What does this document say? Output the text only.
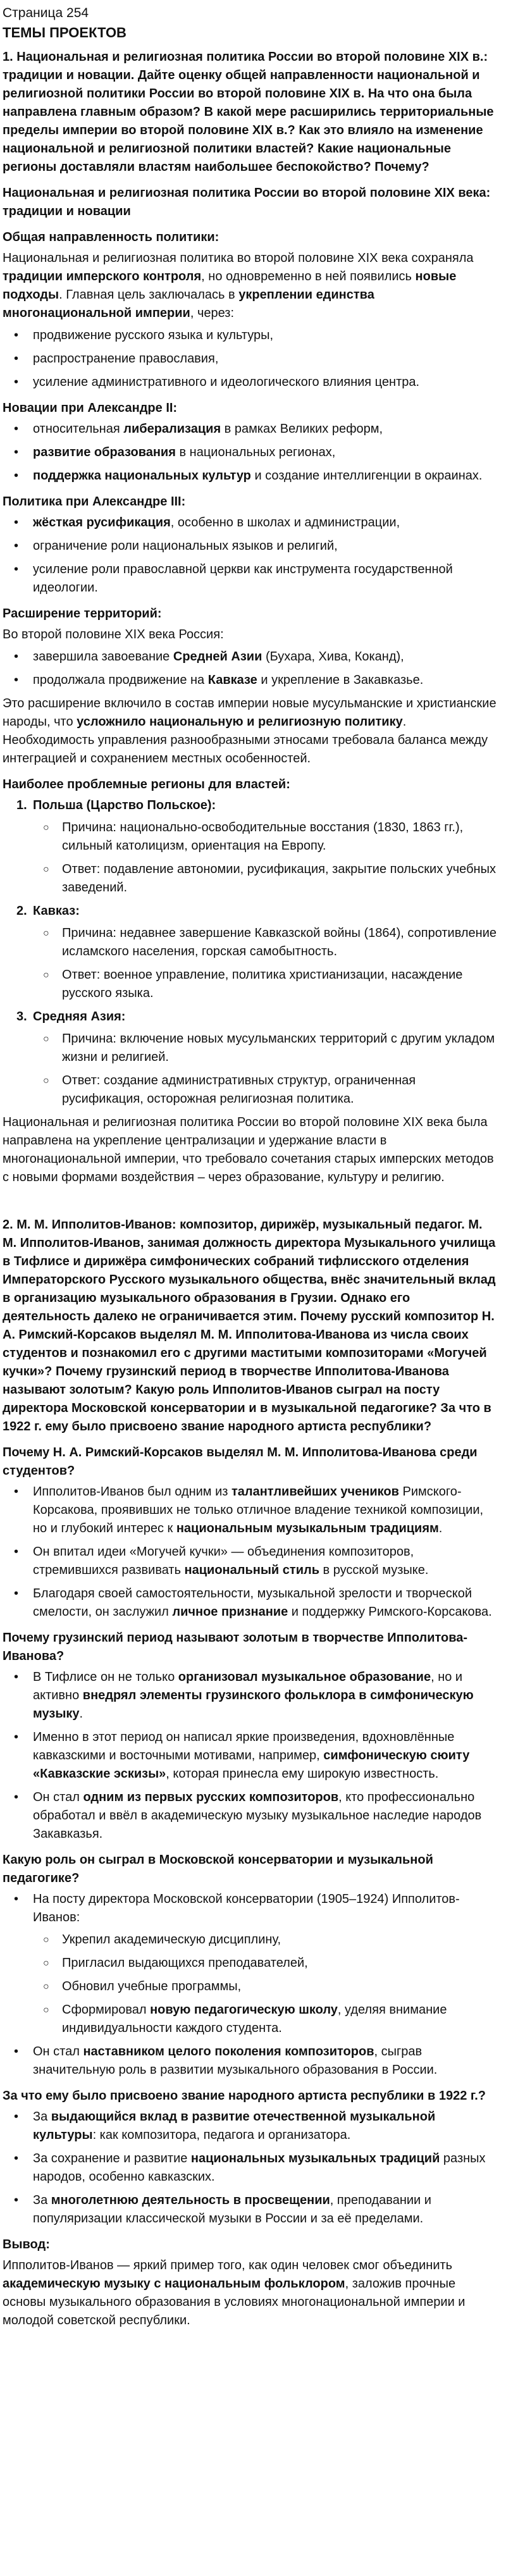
Страница 254
ТЕМЫ ПРОЕКТОВ
1. Национальная и религиозная политика России во второй половине XIX в.: традиции и новации. Дайте оценку общей направленности национальной и религиозной политики России во второй половине XIX в. На что она была направлена главным образом? В какой мере расширились территориальные пределы империи во второй половине XIX в.? Как это влияло на изменение национальной и религиозной политики властей? Какие национальные регионы доставляли властям наибольшее беспокойство? Почему?
Национальная и религиозная политика России во второй половине XIX века: традиции и новации
Общая направленность политики:
Национальная и религиозная политика во второй половине XIX века сохраняла традиции имперского контроля, но одновременно в ней появились новые подходы. Главная цель заключалась в укреплении единства многонациональной империи, через:
• продвижение русского языка и культуры,
• распространение православия,
• усиление административного и идеологического влияния центра.
Новации при Александре II:
• относительная либерализация в рамках Великих реформ,
• развитие образования в национальных регионах,
• поддержка национальных культур и создание интеллигенции в окраинах.
Политика при Александре III:
• жёсткая русификация, особенно в школах и администрации,
• ограничение роли национальных языков и религий,
• усиление роли православной церкви как инструмента государственной идеологии.
Расширение территорий:
Во второй половине XIX века Россия:
• завершила завоевание Средней Азии (Бухара, Хива, Коканд),
• продолжала продвижение на Кавказе и укрепление в Закавказье.
Это расширение включило в состав империи новые мусульманские и христианские народы, что усложнило национальную и религиозную политику. Необходимость управления разнообразными этносами требовала баланса между интеграцией и сохранением местных особенностей.
Наиболее проблемные регионы для властей:
1. Польша (Царство Польское):
○ Причина: национально-освободительные восстания (1830, 1863 гг.), сильный католицизм, ориентация на Европу.
○ Ответ: подавление автономии, русификация, закрытие польских учебных заведений.
2. Кавказ:
○ Причина: недавнее завершение Кавказской войны (1864), сопротивление исламского населения, горская самобытность.
○ Ответ: военное управление, политика христианизации, насаждение русского языка.
3. Средняя Азия:
○ Причина: включение новых мусульманских территорий с другим укладом жизни и религией.
○ Ответ: создание административных структур, ограниченная русификация, осторожная религиозная политика.
Национальная и религиозная политика России во второй половине XIX века была направлена на укрепление централизации и удержание власти в многонациональной империи, что требовало сочетания старых имперских методов с новыми формами воздействия – через образование, культуру и религию.
2. М. М. Ипполитов-Иванов: композитор, дирижёр, музыкальный педагог. М. М. Ипполитов-Иванов, занимая должность директора Музыкального училища в Тифлисе и дирижёра симфонических собраний тифлисского отделения Императорского Русского музыкального общества, внёс значительный вклад в организацию музыкального образования в Грузии. Однако его деятельность далеко не ограничивается этим. Почему русский композитор Н. А. Римский-Корсаков выделял М. М. Ипполитова-Иванова из числа своих студентов и познакомил его с другими маститыми композиторами «Могучей кучки»? Почему грузинский период в творчестве Ипполитова-Иванова называют золотым? Какую роль Ипполитов-Иванов сыграл на посту директора Московской консерватории и в музыкальной педагогике? За что в 1922 г. ему было присвоено звание народного артиста республики?
Почему Н. А. Римский-Корсаков выделял М. М. Ипполитова-Иванова среди студентов?
• Ипполитов-Иванов был одним из талантливейших учеников Римского-Корсакова, проявивших не только отличное владение техникой композиции, но и глубокий интерес к национальным музыкальным традициям.
• Он впитал идеи «Могучей кучки» — объединения композиторов, стремившихся развивать национальный стиль в русской музыке.
• Благодаря своей самостоятельности, музыкальной зрелости и творческой смелости, он заслужил личное признание и поддержку Римского-Корсакова.
Почему грузинский период называют золотым в творчестве Ипполитова-Иванова?
• В Тифлисе он не только организовал музыкальное образование, но и активно внедрял элементы грузинского фольклора в симфоническую музыку.
• Именно в этот период он написал яркие произведения, вдохновлённые кавказскими и восточными мотивами, например, симфоническую сюиту «Кавказские эскизы», которая принесла ему широкую известность.
• Он стал одним из первых русских композиторов, кто профессионально обработал и ввёл в академическую музыку музыкальное наследие народов Закавказья.
Какую роль он сыграл в Московской консерватории и музыкальной педагогике?
• На посту директора Московской консерватории (1905–1924) Ипполитов-Иванов:
○ Укрепил академическую дисциплину,
○ Пригласил выдающихся преподавателей,
○ Обновил учебные программы,
○ Сформировал новую педагогическую школу, уделяя внимание индивидуальности каждого студента.
• Он стал наставником целого поколения композиторов, сыграв значительную роль в развитии музыкального образования в России.
За что ему было присвоено звание народного артиста республики в 1922 г.?
• За выдающийся вклад в развитие отечественной музыкальной культуры: как композитора, педагога и организатора.
• За сохранение и развитие национальных музыкальных традиций разных народов, особенно кавказских.
• За многолетнюю деятельность в просвещении, преподавании и популяризации классической музыки в России и за её пределами.
Вывод:
Ипполитов-Иванов — яркий пример того, как один человек смог объединить академическую музыку с национальным фольклором, заложив прочные основы музыкального образования в условиях многонациональной империи и молодой советской республики.
